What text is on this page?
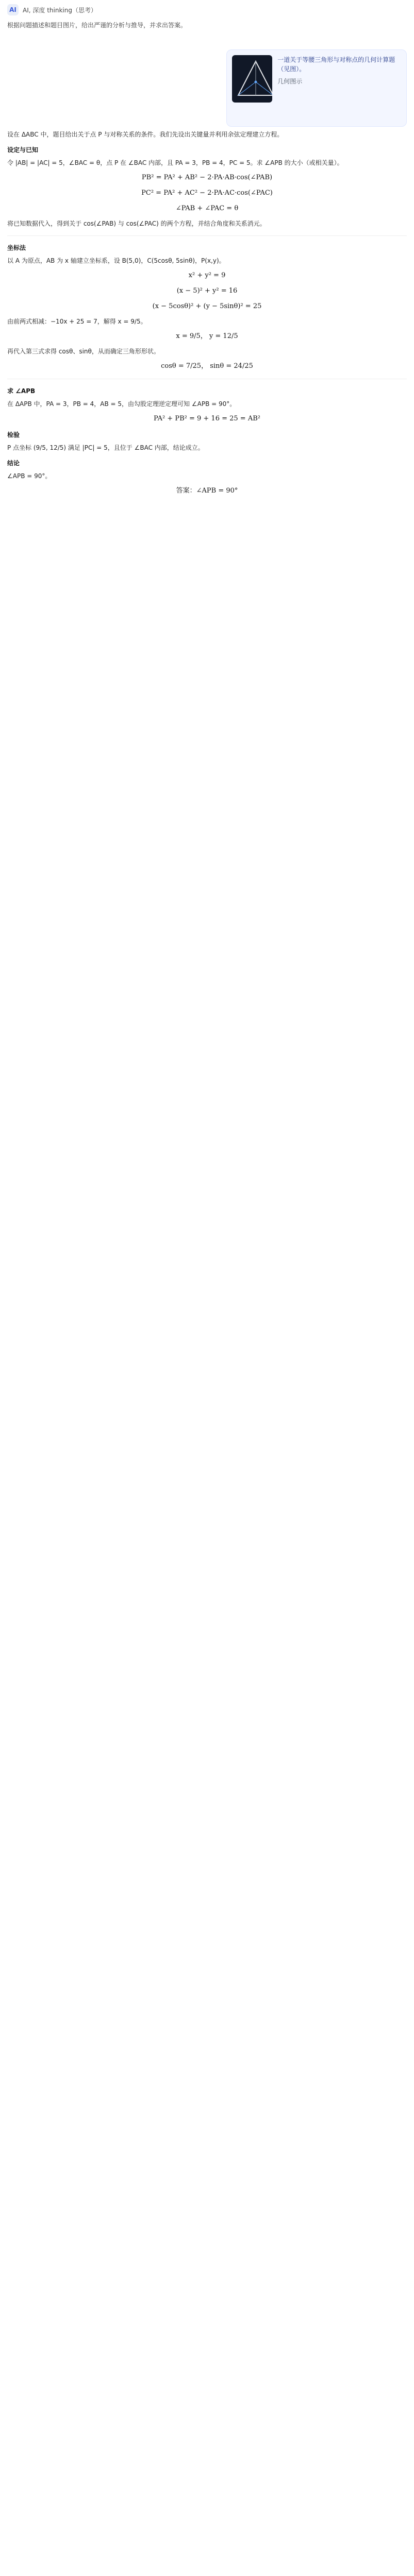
AI	AI, 深度 thinking（思考）
根据问题描述和题目图片，给出严谨的分析与推导，并求出答案。
一道关于等腰三角形与对称点的几何计算题（见图）。
几何图示

设在 ΔABC 中，题目给出关于点 P 与对称关系的条件。我们先设出关键量并利用余弦定理建立方程。

设定与已知

令 |AB| = |AC| = 5，∠BAC = θ，点 P 在 ∠BAC 内部，且 PA = 3，PB = 4，PC = 5。求 ∠APB 的大小（或相关量）。

PB² = PA² + AB² − 2·PA·AB·cos(∠PAB)
PC² = PA² + AC² − 2·PA·AC·cos(∠PAC)
∠PAB + ∠PAC = θ

将已知数据代入，得到关于 cos(∠PAB) 与 cos(∠PAC) 的两个方程，并结合角度和关系消元。

坐标法

以 A 为原点，AB 为 x 轴建立坐标系，设 B(5,0)，C(5cosθ, 5sinθ)，P(x,y)。

x² + y² = 9
(x − 5)² + y² = 16
(x − 5cosθ)² + (y − 5sinθ)² = 25

由前两式相减：−10x + 25 = 7，解得 x = 9/5。

x = 9/5， y = 12/5

再代入第三式求得 cosθ、sinθ，从而确定三角形形状。

cosθ = 7/25， sinθ = 24/25
求 ∠APB

在 ΔAPB 中，PA = 3，PB = 4，AB = 5，由勾股定理逆定理可知 ∠APB = 90°。

PA² + PB² = 9 + 16 = 25 = AB²
检验

P 点坐标 (9/5, 12/5) 满足 |PC| = 5，且位于 ∠BAC 内部，结论成立。

结论

∠APB = 90°。

答案：∠APB = 90°
